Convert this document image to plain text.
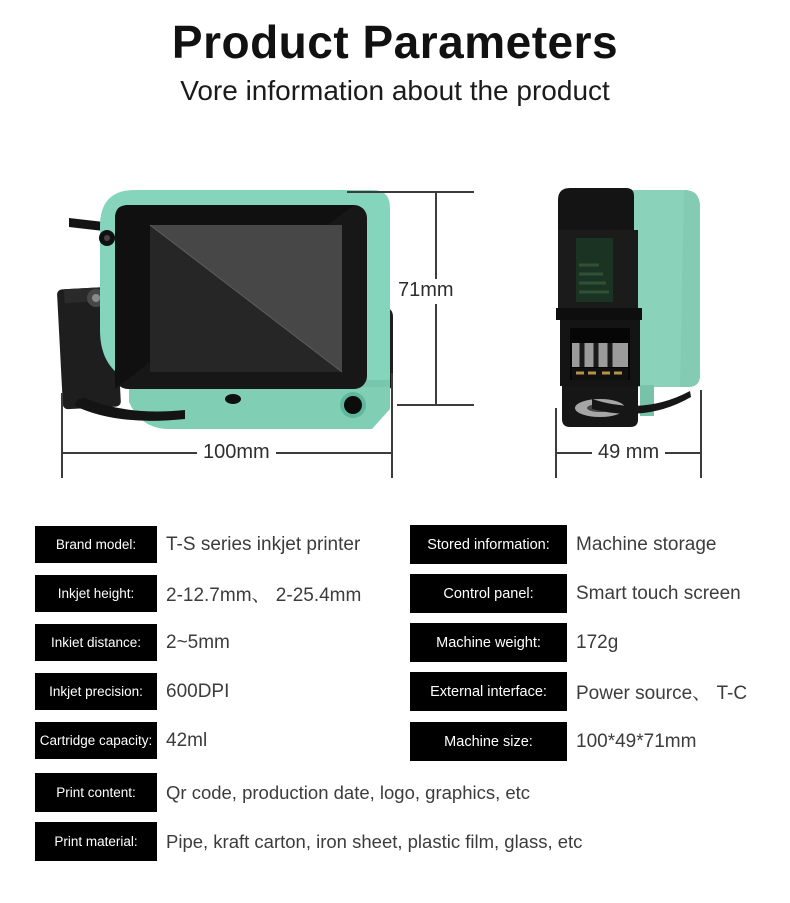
Product Parameters
Vore information about the product
71mm
100mm	49 mm
Brand model:	T-S series inkjet printer
Inkjet height:	2-12.7mm、 2-25.4mm
Inkiet distance:	2~5mm
Inkjet precision:	600DPI
Cartridge capacity: 42ml
Stored information:	Machine storage
Control panel:	Smart touch screen
Machine weight:	172g
External interface:	Power source、 T-C
Machine size:	100*49*71mm
Print content:	Qr code, production date, logo, graphics, etc
Print material:	Pipe, kraft carton, iron sheet, plastic film, glass, etc
